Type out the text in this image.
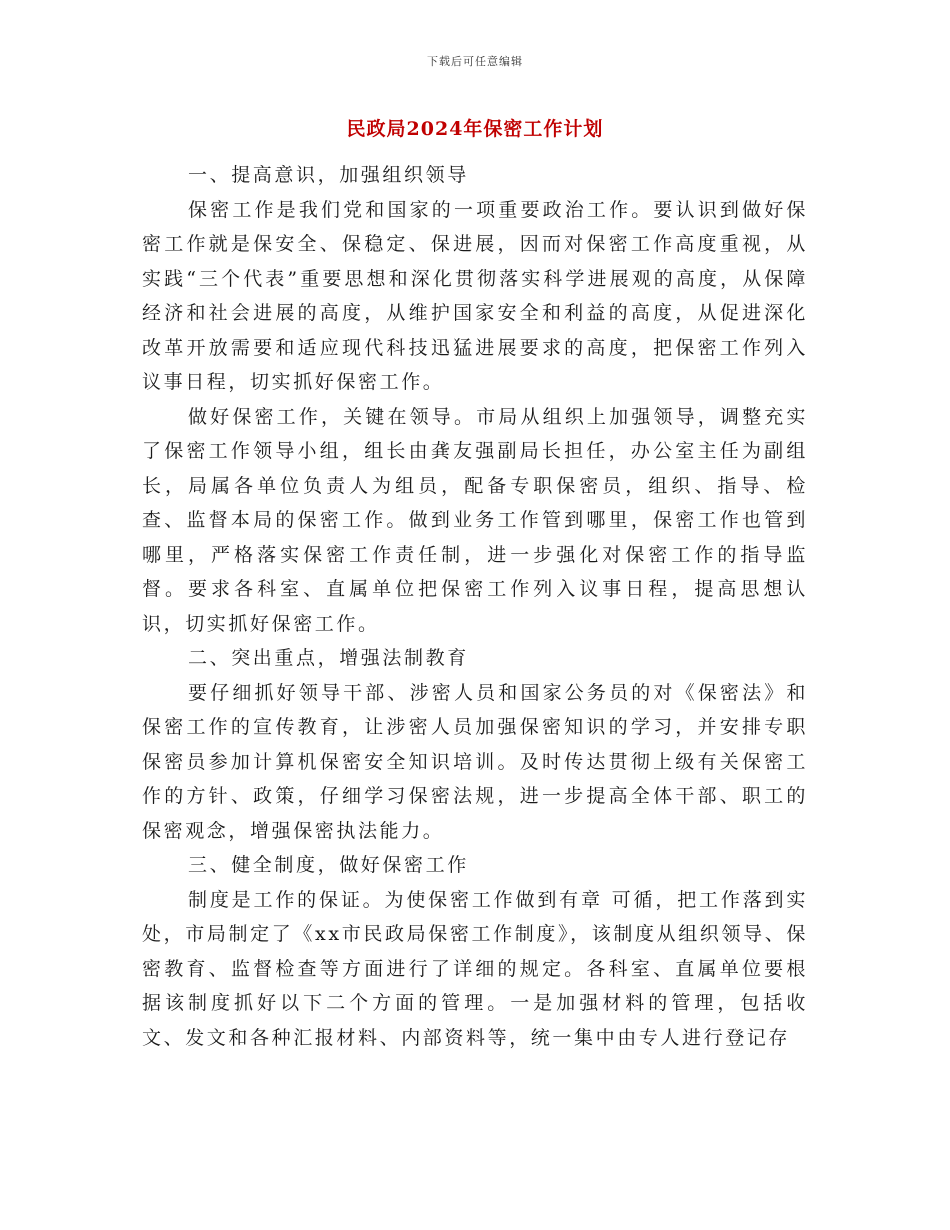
下载后可任意编辑
民政局2024年保密工作计划

一、提高意识，加强组织领导

保密工作是我们党和国家的一项重要政治工作。要认识到做好保密工作就是保安全、保稳定、保进展，因而对保密工作高度重视，从实践“三个代表”重要思想和深化贯彻落实科学进展观的高度，从保障经济和社会进展的高度，从维护国家安全和利益的高度，从促进深化改革开放需要和适应现代科技迅猛进展要求的高度，把保密工作列入议事日程，切实抓好保密工作。

做好保密工作，关键在领导。市局从组织上加强领导，调整充实了保密工作领导小组，组长由龚友强副局长担任，办公室主任为副组长，局属各单位负责人为组员，配备专职保密员，组织、指导、检查、监督本局的保密工作。做到业务工作管到哪里，保密工作也管到哪里，严格落实保密工作责任制，进一步强化对保密工作的指导监督。要求各科室、直属单位把保密工作列入议事日程，提高思想认识，切实抓好保密工作。

二、突出重点，增强法制教育

要仔细抓好领导干部、涉密人员和国家公务员的对《保密法》和保密工作的宣传教育，让涉密人员加强保密知识的学习，并安排专职保密员参加计算机保密安全知识培训。及时传达贯彻上级有关保密工作的方针、政策，仔细学习保密法规，进一步提高全体干部、职工的保密观念，增强保密执法能力。

三、健全制度，做好保密工作

制度是工作的保证。为使保密工作做到有章 可循，把工作落到实处，市局制定了《xx市民政局保密工作制度》，该制度从组织领导、保密教育、监督检查等方面进行了详细的规定。各科室、直属单位要根据该制度抓好以下二个方面的管理。一是加强材料的管理，包括收文、发文和各种汇报材料、内部资料等，统一集中由专人进行登记存
